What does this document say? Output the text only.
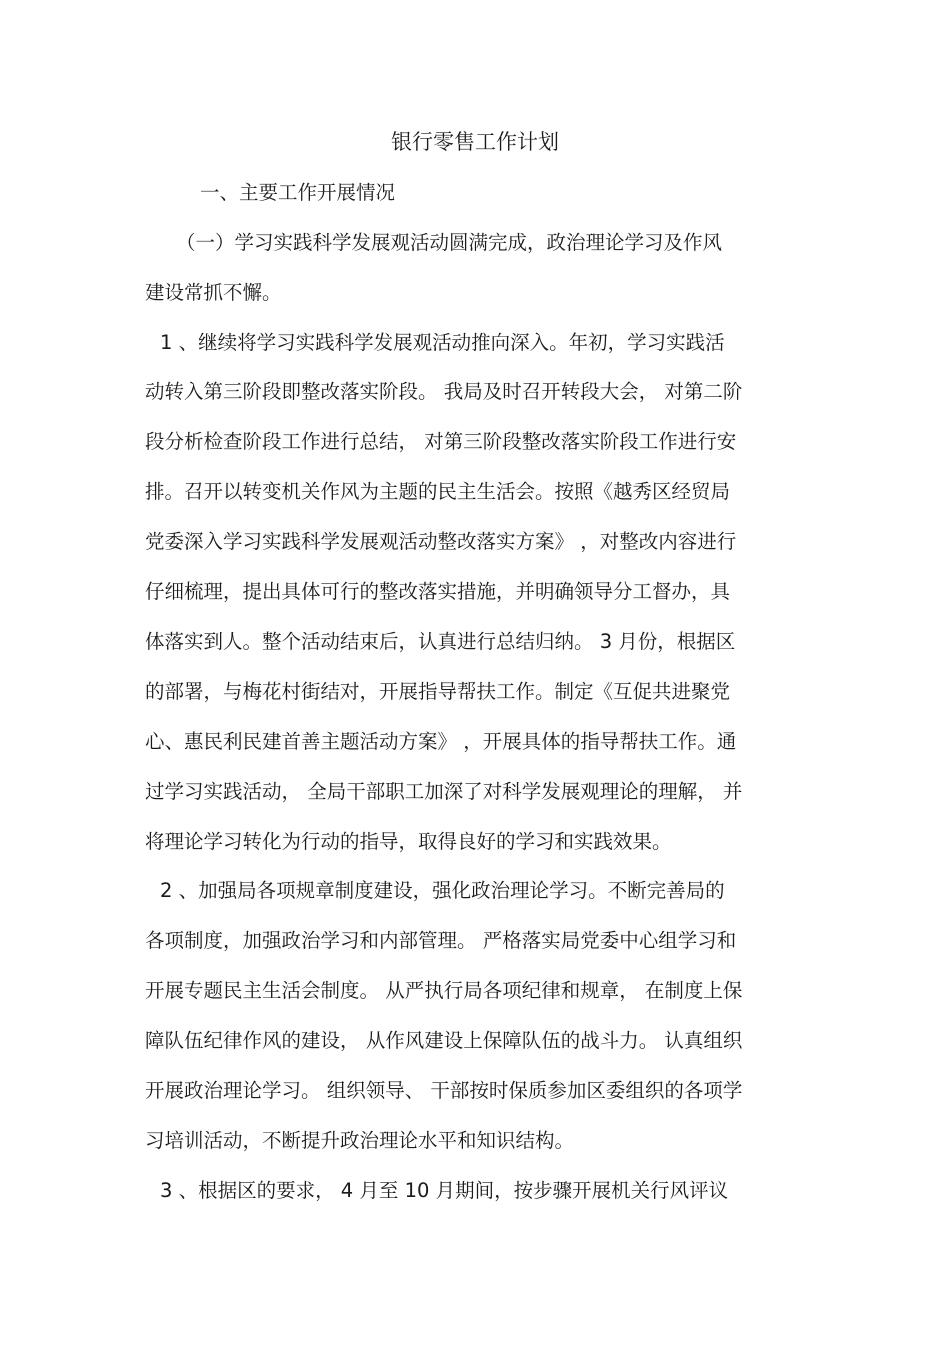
银行零售工作计划

一、主要工作开展情况

（一）学习实践科学发展观活动圆满完成，政治理论学习及作风

建设常抓不懈。

1 、继续将学习实践科学发展观活动推向深入。年初，学习实践活

动转入第三阶段即整改落实阶段。 我局及时召开转段大会， 对第二阶

段分析检查阶段工作进行总结， 对第三阶段整改落实阶段工作进行安

排。召开以转变机关作风为主题的民主生活会。按照《越秀区经贸局

党委深入学习实践科学发展观活动整改落实方案》 ，对整改内容进行

仔细梳理，提出具体可行的整改落实措施，并明确领导分工督办，具

体落实到人。整个活动结束后，认真进行总结归纳。 3 月份，根据区

的部署，与梅花村街结对，开展指导帮扶工作。制定《互促共进聚党

心、惠民利民建首善主题活动方案》 ，开展具体的指导帮扶工作。通

过学习实践活动， 全局干部职工加深了对科学发展观理论的理解， 并

将理论学习转化为行动的指导，取得良好的学习和实践效果。

2 、加强局各项规章制度建设，强化政治理论学习。不断完善局的

各项制度，加强政治学习和内部管理。 严格落实局党委中心组学习和

开展专题民主生活会制度。 从严执行局各项纪律和规章， 在制度上保

障队伍纪律作风的建设， 从作风建设上保障队伍的战斗力。 认真组织

开展政治理论学习。 组织领导、 干部按时保质参加区委组织的各项学

习培训活动，不断提升政治理论水平和知识结构。

3 、根据区的要求， 4 月至 10 月期间，按步骤开展机关行风评议
